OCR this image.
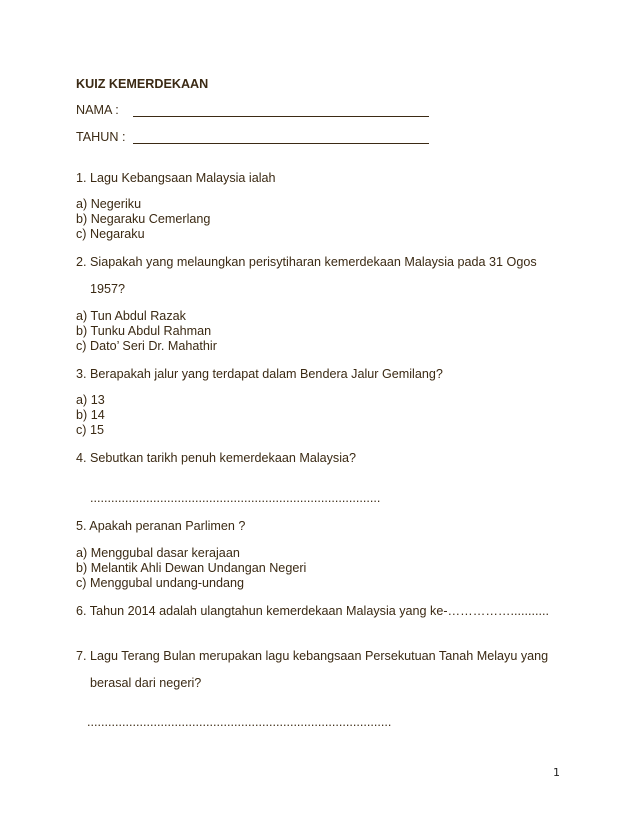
KUIZ KEMERDEKAAN
NAMA :
TAHUN :
1. Lagu Kebangsaan Malaysia ialah
a) Negeriku
b) Negaraku Cemerlang
c) Negaraku
2. Siapakah yang melaungkan perisytiharan kemerdekaan Malaysia pada 31 Ogos
1957?
a) Tun Abdul Razak
b) Tunku Abdul Rahman
c) Dato’ Seri Dr. Mahathir
3. Berapakah jalur yang terdapat dalam Bendera Jalur Gemilang?
a) 13
b) 14
c) 15
4. Sebutkan tarikh penuh kemerdekaan Malaysia?
...................................................................................
5. Apakah peranan Parlimen ?
a) Menggubal dasar kerajaan
b) Melantik Ahli Dewan Undangan Negeri
c) Menggubal undang-undang
6. Tahun 2014 adalah ulangtahun kemerdekaan Malaysia yang ke-……………...........
7. Lagu Terang Bulan merupakan lagu kebangsaan Persekutuan Tanah Melayu yang
berasal dari negeri?
.......................................................................................
1
